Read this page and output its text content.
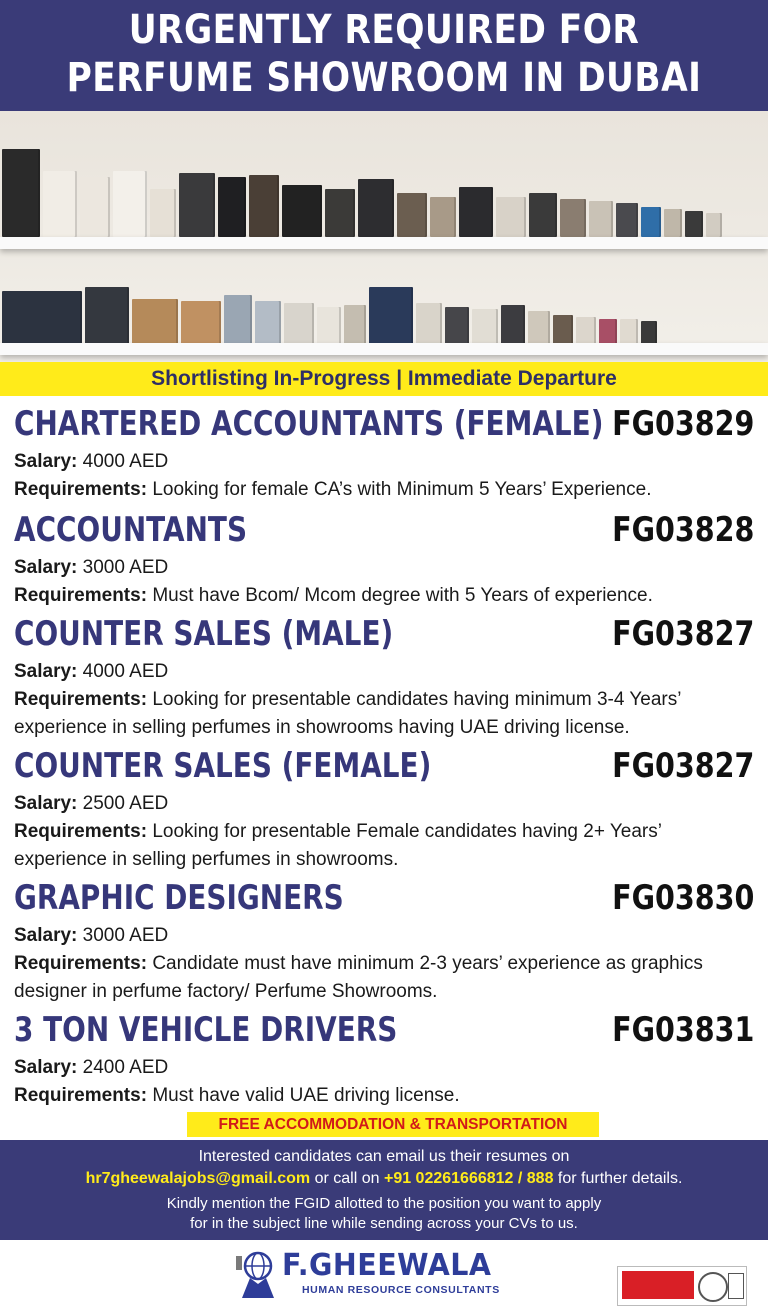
URGENTLY REQUIRED FOR
PERFUME SHOWROOM IN DUBAI
Shortlisting In-Progress | Immediate Departure
CHARTERED ACCOUNTANTS (FEMALE) FG03829
Salary: 4000 AED
Requirements: Looking for female CA’s with Minimum 5 Years’ Experience.
ACCOUNTANTS	FG03828
Salary: 3000 AED
Requirements: Must have Bcom/ Mcom degree with 5 Years of experience.
COUNTER SALES (MALE)	FG03827
Salary: 4000 AED
Requirements: Looking for presentable candidates having minimum 3-4 Years’ experience in selling perfumes in showrooms having UAE driving license.
COUNTER SALES (FEMALE)	FG03827
Salary: 2500 AED
Requirements: Looking for presentable Female candidates having 2+ Years’ experience in selling perfumes in showrooms.
GRAPHIC DESIGNERS	FG03830
Salary: 3000 AED
Requirements: Candidate must have minimum 2-3 years’ experience as graphics designer in perfume factory/ Perfume Showrooms.
3 TON VEHICLE DRIVERS	FG03831
Salary: 2400 AED
Requirements: Must have valid UAE driving license.
FREE ACCOMMODATION & TRANSPORTATION
Interested candidates can email us their resumes on
hr7gheewalajobs@gmail.com or call on +91 02261666812 / 888 for further details.
Kindly mention the FGID allotted to the position you want to apply
for in the subject line while sending across your CVs to us.
F.GHEEWALA
HUMAN RESOURCE CONSULTANTS
